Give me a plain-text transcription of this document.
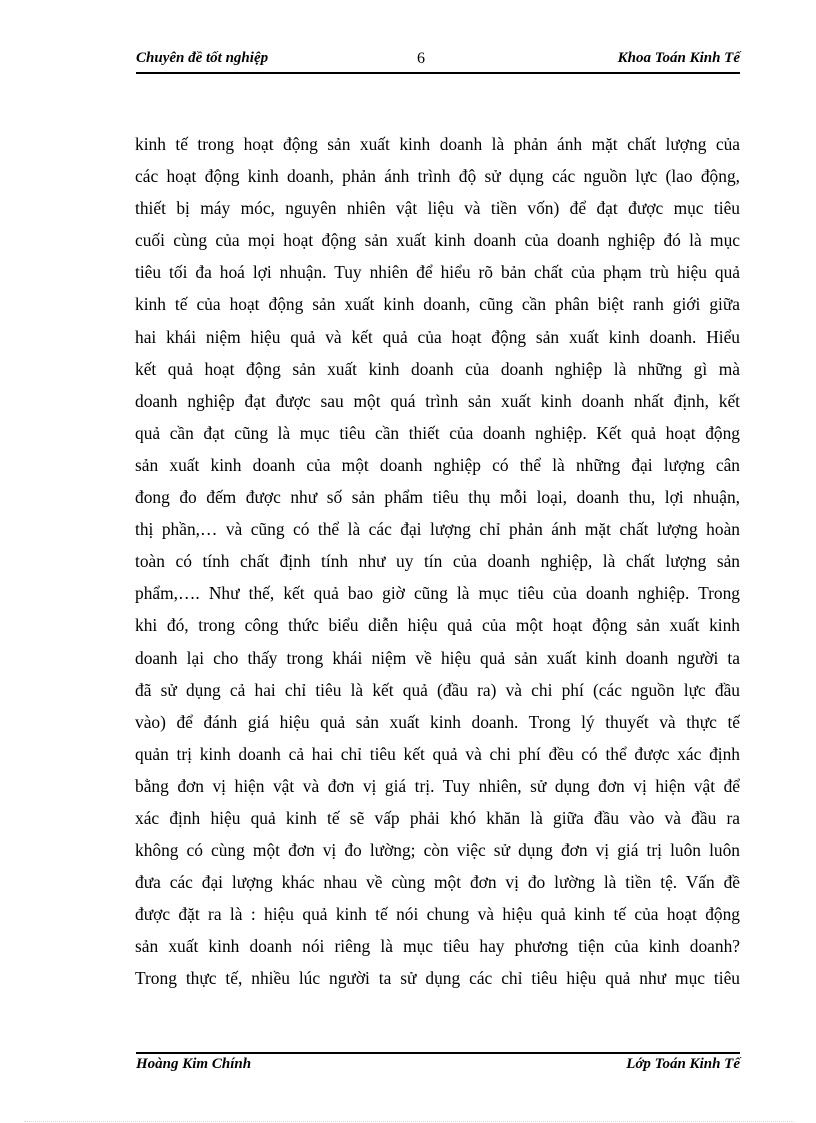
Chuyên đề tốt nghiệp	6	Khoa Toán Kinh Tế
kinh tế trong hoạt động sản xuất kinh doanh là phản ánh mặt chất lượng của
các hoạt động kinh doanh, phản ánh trình độ sử dụng các nguồn lực (lao động,
thiết bị máy móc, nguyên nhiên vật liệu và tiền vốn) để đạt được mục tiêu
cuối cùng của mọi hoạt động sản xuất kinh doanh của doanh nghiệp đó là mục
tiêu tối đa hoá lợi nhuận. Tuy nhiên để hiểu rõ bản chất của phạm trù hiệu quả
kinh tế của hoạt động sản xuất kinh doanh, cũng cần phân biệt ranh giới giữa
hai khái niệm hiệu quả và kết quả của hoạt động sản xuất kinh doanh. Hiểu
kết quả hoạt động sản xuất kinh doanh của doanh nghiệp là những gì mà
doanh nghiệp đạt được sau một quá trình sản xuất kinh doanh nhất định, kết
quả cần đạt cũng là mục tiêu cần thiết của doanh nghiệp. Kết quả hoạt động
sản xuất kinh doanh của một doanh nghiệp có thể là những đại lượng cân
đong đo đếm được như số sản phẩm tiêu thụ mỗi loại, doanh thu, lợi nhuận,
thị phần,… và cũng có thể là các đại lượng chỉ phản ánh mặt chất lượng hoàn
toàn có tính chất định tính như uy tín của doanh nghiệp, là chất lượng sản
phẩm,…. Như thế, kết quả bao giờ cũng là mục tiêu của doanh nghiệp. Trong
khi đó, trong công thức biểu diễn hiệu quả của một hoạt động sản xuất kinh
doanh lại cho thấy trong khái niệm về hiệu quả sản xuất kinh doanh người ta
đã sử dụng cả hai chỉ tiêu là kết quả (đầu ra) và chi phí (các nguồn lực đầu
vào) để đánh giá hiệu quả sản xuất kinh doanh. Trong lý thuyết và thực tế
quản trị kinh doanh cả hai chỉ tiêu kết quả và chi phí đều có thể được xác định
bằng đơn vị hiện vật và đơn vị giá trị. Tuy nhiên, sử dụng đơn vị hiện vật để
xác định hiệu quả kinh tế sẽ vấp phải khó khăn là giữa đầu vào và đầu ra
không có cùng một đơn vị đo lường; còn việc sử dụng đơn vị giá trị luôn luôn
đưa các đại lượng khác nhau về cùng một đơn vị đo lường là tiền tệ. Vấn đề
được đặt ra là : hiệu quả kinh tế nói chung và hiệu quả kinh tế của hoạt động
sản xuất kinh doanh nói riêng là mục tiêu hay phương tiện của kinh doanh?
Trong thực tế, nhiều lúc người ta sử dụng các chỉ tiêu hiệu quả như mục tiêu
Hoàng Kim Chính	Lớp Toán Kinh Tế
